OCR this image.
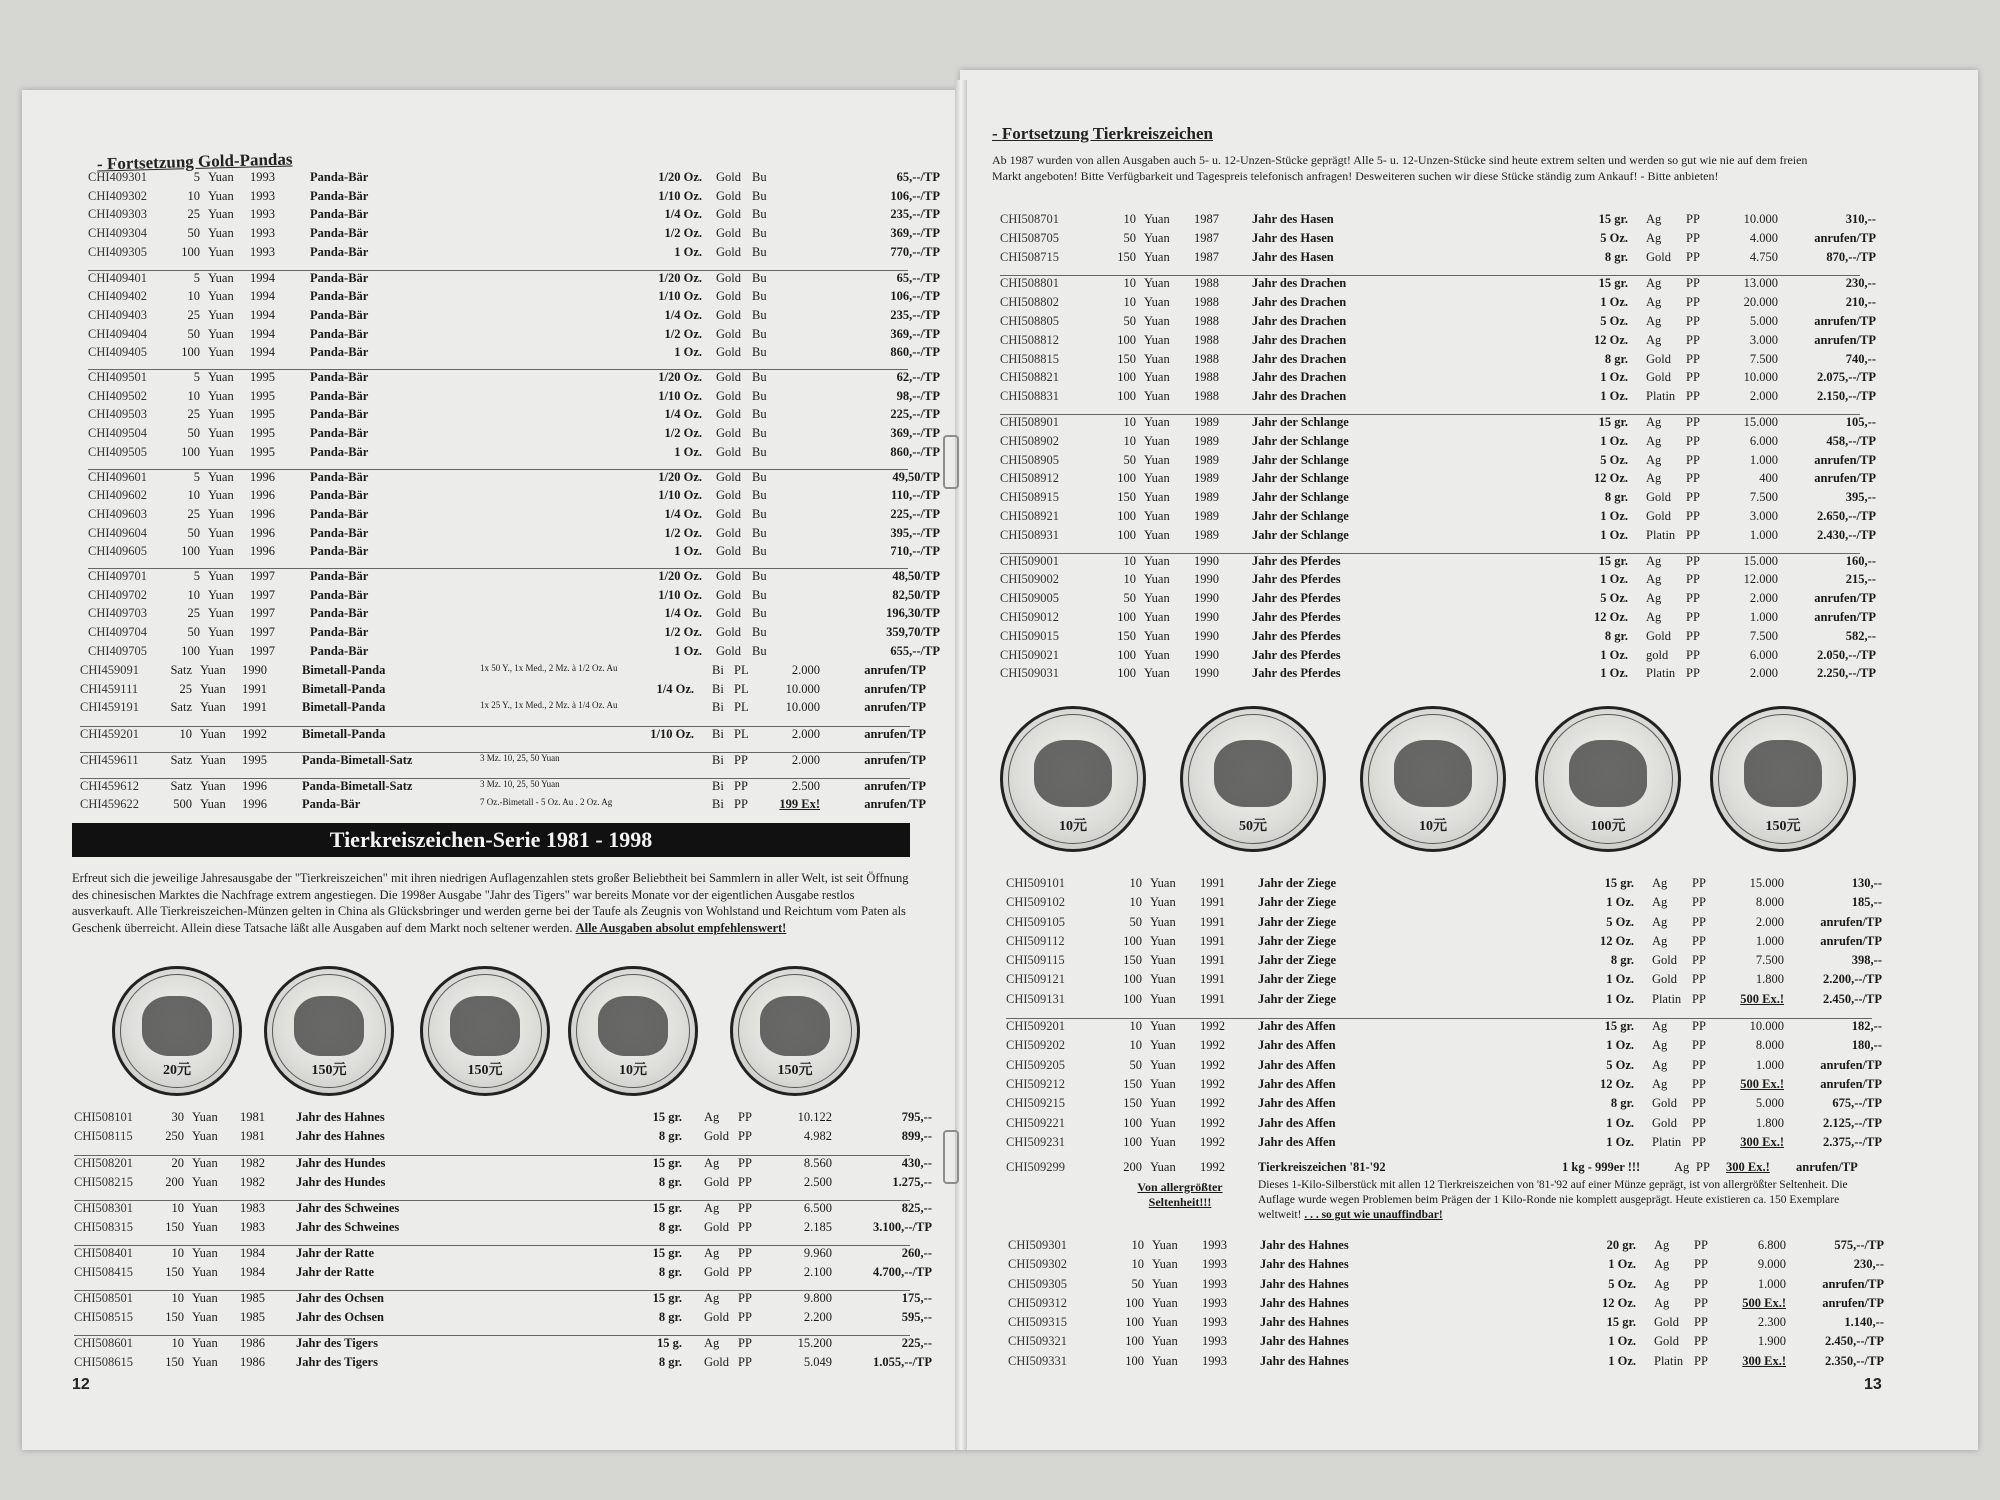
- Fortsetzung Gold-Pandas
CHI409301	5 Yuan 1993	Panda-Bär	1/20 Oz. Gold Bu	65,--/TP
CHI409302	10 Yuan 1993	Panda-Bär	1/10 Oz. Gold Bu	106,--/TP
CHI409303	25 Yuan 1993	Panda-Bär	1/4 Oz. Gold Bu	235,--/TP
CHI409304	50 Yuan 1993	Panda-Bär	1/2 Oz. Gold Bu	369,--/TP
CHI409305	100 Yuan 1993	Panda-Bär	1 Oz. Gold Bu	770,--/TP
CHI409401	5 Yuan 1994	Panda-Bär	1/20 Oz. Gold Bu	65,--/TP
CHI409402	10 Yuan 1994	Panda-Bär	1/10 Oz. Gold Bu	106,--/TP
CHI409403	25 Yuan 1994	Panda-Bär	1/4 Oz. Gold Bu	235,--/TP
CHI409404	50 Yuan 1994	Panda-Bär	1/2 Oz. Gold Bu	369,--/TP
CHI409405	100 Yuan 1994	Panda-Bär	1 Oz. Gold Bu	860,--/TP
CHI409501	5 Yuan 1995	Panda-Bär	1/20 Oz. Gold Bu	62,--/TP
CHI409502	10 Yuan 1995	Panda-Bär	1/10 Oz. Gold Bu	98,--/TP
CHI409503	25 Yuan 1995	Panda-Bär	1/4 Oz. Gold Bu	225,--/TP
CHI409504	50 Yuan 1995	Panda-Bär	1/2 Oz. Gold Bu	369,--/TP
CHI409505	100 Yuan 1995	Panda-Bär	1 Oz. Gold Bu	860,--/TP
CHI409601	5 Yuan 1996	Panda-Bär	1/20 Oz. Gold Bu	49,50/TP
CHI409602	10 Yuan 1996	Panda-Bär	1/10 Oz. Gold Bu	110,--/TP
CHI409603	25 Yuan 1996	Panda-Bär	1/4 Oz. Gold Bu	225,--/TP
CHI409604	50 Yuan 1996	Panda-Bär	1/2 Oz. Gold Bu	395,--/TP
CHI409605	100 Yuan 1996	Panda-Bär	1 Oz. Gold Bu	710,--/TP
CHI409701	5 Yuan 1997	Panda-Bär	1/20 Oz. Gold Bu	48,50/TP
CHI409702	10 Yuan 1997	Panda-Bär	1/10 Oz. Gold Bu	82,50/TP
CHI409703	25 Yuan 1997	Panda-Bär	1/4 Oz. Gold Bu	196,30/TP
CHI409704	50 Yuan 1997	Panda-Bär	1/2 Oz. Gold Bu	359,70/TP
CHI409705	100 Yuan 1997	Panda-Bär	1 Oz. Gold Bu	655,--/TP
CHI459091	Satz Yuan 1990	Bimetall-Panda	1x 50 Y., 1x Med., 2 Mz. à 1/2 Oz. Au	Bi PL	2.000	anrufen/TP
CHI459111	25 Yuan 1991	Bimetall-Panda	1/4 Oz. Bi PL	10.000	anrufen/TP
CHI459191	Satz Yuan 1991	Bimetall-Panda	1x 25 Y., 1x Med., 2 Mz. à 1/4 Oz. Au	Bi PL	10.000	anrufen/TP
CHI459201	10 Yuan 1992	Bimetall-Panda	1/10 Oz. Bi PL	2.000	anrufen/TP
CHI459611	Satz Yuan 1995	Panda-Bimetall-Satz	3 Mz. 10, 25, 50 Yuan	Bi PP	2.000	anrufen/TP
CHI459612	Satz Yuan 1996	Panda-Bimetall-Satz	3 Mz. 10, 25, 50 Yuan	Bi PP	2.500	anrufen/TP
CHI459622	500 Yuan 1996	Panda-Bär	7 Oz.-Bimetall - 5 Oz. Au . 2 Oz. Ag	Bi PP	199 Ex!	anrufen/TP
Tierkreiszeichen-Serie 1981 - 1998
Erfreut sich die jeweilige Jahresausgabe der "Tierkreiszeichen" mit ihren niedrigen Auflagenzahlen stets großer Beliebtheit bei Sammlern in aller Welt, ist seit Öffnung des chinesischen Marktes die Nachfrage extrem angestiegen. Die 1998er Ausgabe "Jahr des Tigers" war bereits Monate vor der eigentlichen Ausgabe restlos ausverkauft. Alle Tierkreiszeichen-Münzen gelten in China als Glücksbringer und werden gerne bei der Taufe als Zeugnis von Wohlstand und Reichtum vom Paten als Geschenk überreicht. Allein diese Tatsache läßt alle Ausgaben auf dem Markt noch seltener werden. Alle Ausgaben absolut empfehlenswert!
20元	150元	150元	10元	150元
CHI508101	30 Yuan 1981 Jahr des Hahnes	15 gr. Ag PP	10.122	795,--
CHI508115	250 Yuan 1981 Jahr des Hahnes	8 gr. Gold PP	4.982	899,--
CHI508201	20 Yuan 1982 Jahr des Hundes	15 gr. Ag PP	8.560	430,--
CHI508215	200 Yuan 1982 Jahr des Hundes	8 gr. Gold PP	2.500	1.275,--
CHI508301	10 Yuan 1983 Jahr des Schweines	15 gr. Ag PP	6.500	825,--
CHI508315	150 Yuan 1983 Jahr des Schweines	8 gr. Gold PP	2.185	3.100,--/TP
CHI508401	10 Yuan 1984 Jahr der Ratte	15 gr. Ag PP	9.960	260,--
CHI508415	150 Yuan 1984 Jahr der Ratte	8 gr. Gold PP	2.100	4.700,--/TP
CHI508501	10 Yuan 1985 Jahr des Ochsen	15 gr. Ag PP	9.800	175,--
CHI508515	150 Yuan 1985 Jahr des Ochsen	8 gr. Gold PP	2.200	595,--
CHI508601	10 Yuan 1986 Jahr des Tigers	15 g. Ag PP	15.200	225,--
CHI508615	150 Yuan 1986 Jahr des Tigers	8 gr. Gold PP	5.049	1.055,--/TP
12
- Fortsetzung Tierkreiszeichen
Ab 1987 wurden von allen Ausgaben auch 5- u. 12-Unzen-Stücke geprägt! Alle 5- u. 12-Unzen-Stücke sind heute extrem selten und werden so gut wie nie auf dem freien Markt angeboten! Bitte Verfügbarkeit und Tagespreis telefonisch anfragen! Desweiteren suchen wir diese Stücke ständig zum Ankauf! - Bitte anbieten!
CHI508701	10 Yuan 1987	Jahr des Hasen	15 gr. Ag PP	10.000	310,--
CHI508705	50 Yuan 1987	Jahr des Hasen	5 Oz. Ag PP	4.000	anrufen/TP
CHI508715	150 Yuan 1987	Jahr des Hasen	8 gr. Gold PP	4.750	870,--/TP
CHI508801	10 Yuan 1988	Jahr des Drachen	15 gr. Ag PP	13.000	230,--
CHI508802	10 Yuan 1988	Jahr des Drachen	1 Oz. Ag PP	20.000	210,--
CHI508805	50 Yuan 1988	Jahr des Drachen	5 Oz. Ag PP	5.000	anrufen/TP
CHI508812	100 Yuan 1988	Jahr des Drachen	12 Oz. Ag PP	3.000	anrufen/TP
CHI508815	150 Yuan 1988	Jahr des Drachen	8 gr. Gold PP	7.500	740,--
CHI508821	100 Yuan 1988	Jahr des Drachen	1 Oz. Gold PP	10.000	2.075,--/TP
CHI508831	100 Yuan 1988	Jahr des Drachen	1 Oz. Platin PP	2.000	2.150,--/TP
CHI508901	10 Yuan 1989	Jahr der Schlange	15 gr. Ag PP	15.000	105,--
CHI508902	10 Yuan 1989	Jahr der Schlange	1 Oz. Ag PP	6.000	458,--/TP
CHI508905	50 Yuan 1989	Jahr der Schlange	5 Oz. Ag PP	1.000	anrufen/TP
CHI508912	100 Yuan 1989	Jahr der Schlange	12 Oz. Ag PP	400	anrufen/TP
CHI508915	150 Yuan 1989	Jahr der Schlange	8 gr. Gold PP	7.500	395,--
CHI508921	100 Yuan 1989	Jahr der Schlange	1 Oz. Gold PP	3.000	2.650,--/TP
CHI508931	100 Yuan 1989	Jahr der Schlange	1 Oz. Platin PP	1.000	2.430,--/TP
CHI509001	10 Yuan 1990	Jahr des Pferdes	15 gr. Ag PP	15.000	160,--
CHI509002	10 Yuan 1990	Jahr des Pferdes	1 Oz. Ag PP	12.000	215,--
CHI509005	50 Yuan 1990	Jahr des Pferdes	5 Oz. Ag PP	2.000	anrufen/TP
CHI509012	100 Yuan 1990	Jahr des Pferdes	12 Oz. Ag PP	1.000	anrufen/TP
CHI509015	150 Yuan 1990	Jahr des Pferdes	8 gr. Gold PP	7.500	582,--
CHI509021	100 Yuan 1990	Jahr des Pferdes	1 Oz. gold PP	6.000	2.050,--/TP
CHI509031	100 Yuan 1990	Jahr des Pferdes	1 Oz. Platin PP	2.000	2.250,--/TP
10元	50元	10元	100元	150元
CHI509101	10 Yuan 1991	Jahr der Ziege	15 gr. Ag PP	15.000	130,--
CHI509102	10 Yuan 1991	Jahr der Ziege	1 Oz. Ag PP	8.000	185,--
CHI509105	50 Yuan 1991	Jahr der Ziege	5 Oz. Ag PP	2.000	anrufen/TP
CHI509112	100 Yuan 1991	Jahr der Ziege	12 Oz. Ag PP	1.000	anrufen/TP
CHI509115	150 Yuan 1991	Jahr der Ziege	8 gr. Gold PP	7.500	398,--
CHI509121	100 Yuan 1991	Jahr der Ziege	1 Oz. Gold PP	1.800	2.200,--/TP
CHI509131	100 Yuan 1991	Jahr der Ziege	1 Oz. Platin PP	500 Ex.!	2.450,--/TP
CHI509201	10 Yuan 1992	Jahr des Affen	15 gr. Ag PP	10.000	182,--
CHI509202	10 Yuan 1992	Jahr des Affen	1 Oz. Ag PP	8.000	180,--
CHI509205	50 Yuan 1992	Jahr des Affen	5 Oz. Ag PP	1.000	anrufen/TP
CHI509212	150 Yuan 1992	Jahr des Affen	12 Oz. Ag PP	500 Ex.!	anrufen/TP
CHI509215	150 Yuan 1992	Jahr des Affen	8 gr. Gold PP	5.000	675,--/TP
CHI509221	100 Yuan 1992	Jahr des Affen	1 Oz. Gold PP	1.800	2.125,--/TP
CHI509231	100 Yuan 1992	Jahr des Affen	1 Oz. Platin PP	300 Ex.!	2.375,--/TP
CHI509299	200 Yuan 1992	Tierkreiszeichen '81-'92	1 kg - 999er !!!	Ag PP 300 Ex.! anrufen/TP
Von allergrößter Seltenheit!!!
Dieses 1-Kilo-Silberstück mit allen 12 Tierkreiszeichen von '81-'92 auf einer Münze geprägt, ist von allergrößter Seltenheit. Die Auflage wurde wegen Problemen beim Prägen der 1 Kilo-Ronde nie komplett ausgeprägt. Heute existieren ca. 150 Exemplare weltweit! . . . so gut wie unauffindbar!
CHI509301	10 Yuan 1993	Jahr des Hahnes	20 gr. Ag PP	6.800	575,--/TP
CHI509302	10 Yuan 1993	Jahr des Hahnes	1 Oz. Ag PP	9.000	230,--
CHI509305	50 Yuan 1993	Jahr des Hahnes	5 Oz. Ag PP	1.000	anrufen/TP
CHI509312	100 Yuan 1993	Jahr des Hahnes	12 Oz. Ag PP	500 Ex.!	anrufen/TP
CHI509315	100 Yuan 1993	Jahr des Hahnes	15 gr. Gold PP	2.300	1.140,--
CHI509321	100 Yuan 1993	Jahr des Hahnes	1 Oz. Gold PP	1.900	2.450,--/TP
CHI509331	100 Yuan 1993	Jahr des Hahnes	1 Oz. Platin PP	300 Ex.!	2.350,--/TP
13
